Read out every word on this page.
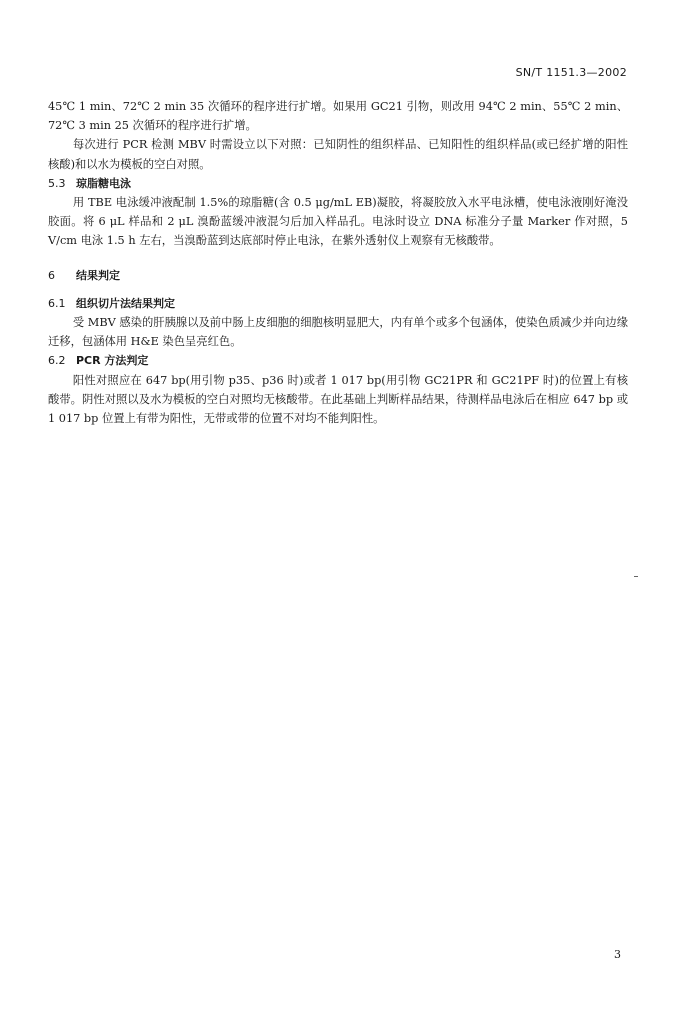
SN/T 1151.3—2002

45℃ 1 min、72℃ 2 min 35 次循环的程序进行扩增。如果用 GC21 引物，则改用 94℃ 2 min、55℃ 2 min、72℃ 3 min 25 次循环的程序进行扩增。

每次进行 PCR 检测 MBV 时需设立以下对照：已知阴性的组织样品、已知阳性的组织样品(或已经扩增的阳性核酸)和以水为模板的空白对照。

5.3 琼脂糖电泳

用 TBE 电泳缓冲液配制 1.5%的琼脂糖(含 0.5 μg/mL EB)凝胶，将凝胶放入水平电泳槽，使电泳液刚好淹没胶面。将 6 μL 样品和 2 μL 溴酚蓝缓冲液混匀后加入样品孔。电泳时设立 DNA 标准分子量 Marker 作对照，5 V/cm 电泳 1.5 h 左右，当溴酚蓝到达底部时停止电泳，在紫外透射仪上观察有无核酸带。

6 结果判定

6.1 组织切片法结果判定

受 MBV 感染的肝胰腺以及前中肠上皮细胞的细胞核明显肥大，内有单个或多个包涵体，使染色质减少并向边缘迁移，包涵体用 H&E 染色呈亮红色。

6.2 PCR 方法判定

阳性对照应在 647 bp(用引物 p35、p36 时)或者 1 017 bp(用引物 GC21PR 和 GC21PF 时)的位置上有核酸带。阴性对照以及水为模板的空白对照均无核酸带。在此基础上判断样品结果，待测样品电泳后在相应 647 bp 或 1 017 bp 位置上有带为阳性，无带或带的位置不对均不能判阳性。

3
